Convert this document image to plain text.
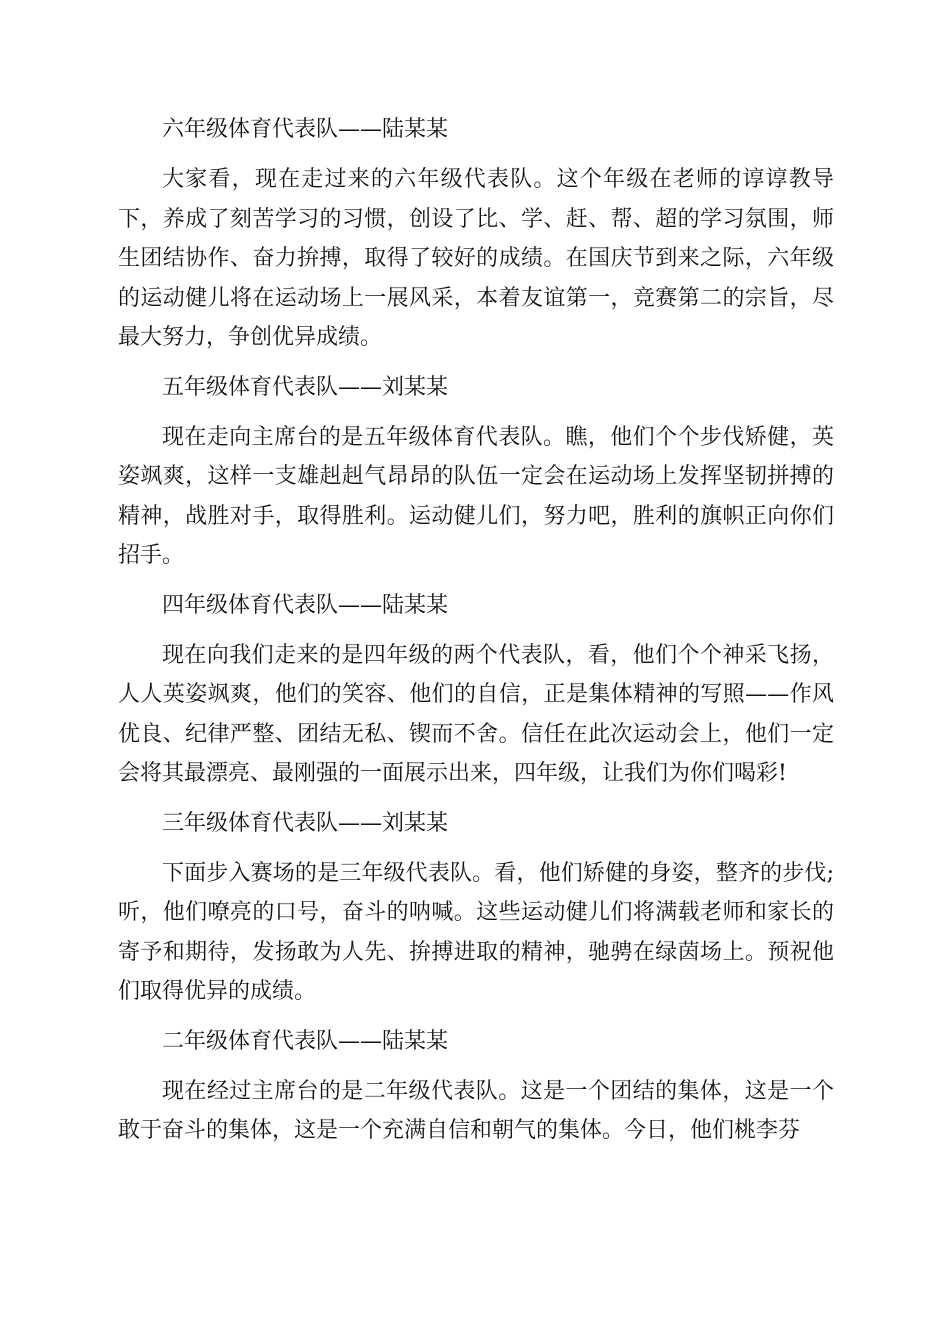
六年级体育代表队——陆某某

大家看，现在走过来的六年级代表队。这个年级在老师的谆谆教导下，养成了刻苦学习的习惯，创设了比、学、赶、帮、超的学习氛围，师生团结协作、奋力拚搏，取得了较好的成绩。在国庆节到来之际，六年级的运动健儿将在运动场上一展风采，本着友谊第一，竞赛第二的宗旨，尽最大努力，争创优异成绩。

五年级体育代表队——刘某某

现在走向主席台的是五年级体育代表队。瞧，他们个个步伐矫健，英姿飒爽，这样一支雄赳赳气昂昂的队伍一定会在运动场上发挥坚韧拼搏的精神，战胜对手，取得胜利。运动健儿们，努力吧，胜利的旗帜正向你们招手。

四年级体育代表队——陆某某

现在向我们走来的是四年级的两个代表队，看，他们个个神采飞扬，人人英姿飒爽，他们的笑容、他们的自信，正是集体精神的写照——作风优良、纪律严整、团结无私、锲而不舍。信任在此次运动会上，他们一定会将其最漂亮、最刚强的一面展示出来，四年级，让我们为你们喝彩!

三年级体育代表队——刘某某

下面步入赛场的是三年级代表队。看，他们矫健的身姿，整齐的步伐;听，他们嘹亮的口号，奋斗的呐喊。这些运动健儿们将满载老师和家长的寄予和期待，发扬敢为人先、拚搏进取的精神，驰骋在绿茵场上。预祝他们取得优异的成绩。

二年级体育代表队——陆某某

现在经过主席台的是二年级代表队。这是一个团结的集体，这是一个敢于奋斗的集体，这是一个充满自信和朝气的集体。今日，他们桃李芬
